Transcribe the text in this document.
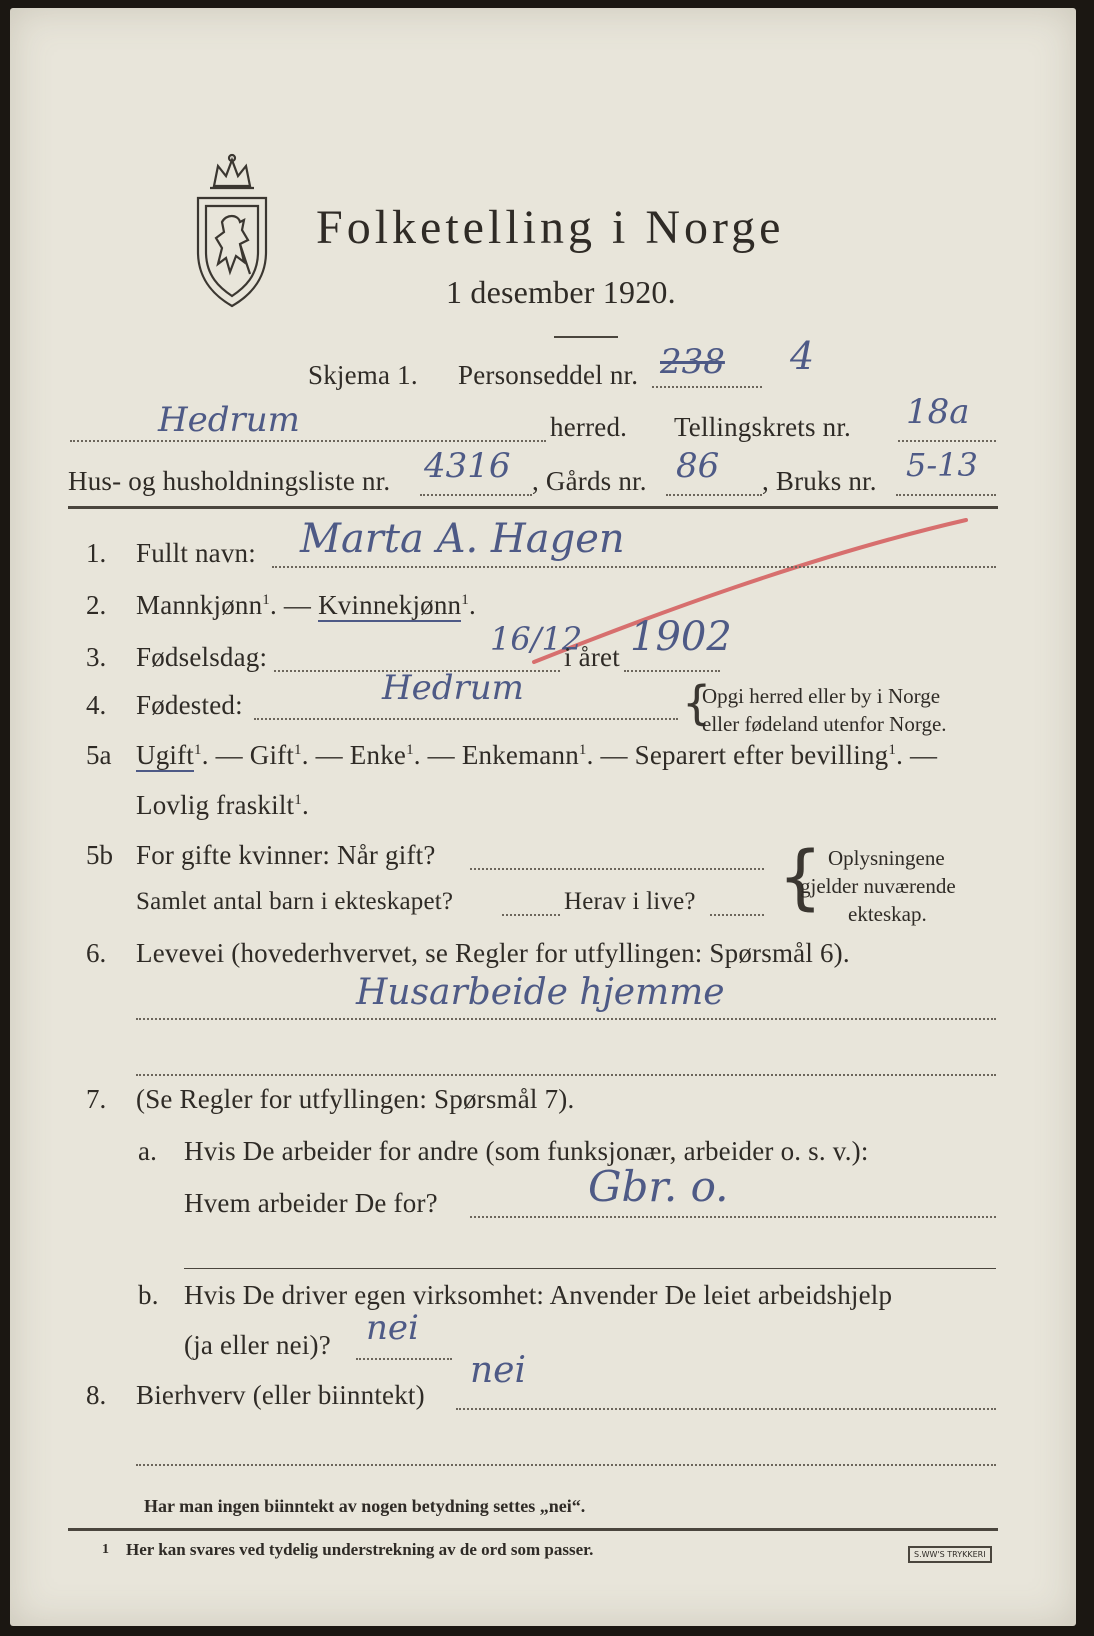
Folketelling i Norge
1 desember 1920.
Skjema 1. Personseddel nr. 238 4
Hedrum	herred. Tellingskrets nr. 18a
Hus- og husholdningsliste nr. 4316 , Gårds nr. 86 , Bruks nr. 5-13
1. Fullt navn: Marta A. Hagen
2. Mannkjønn$^1$. — Kvinnekjønn$^1$.
3. Fødselsdag:	16/12
i året 1902
4. Fødested:	Hedrum	{
Opgi herred eller by i Norge
eller fødeland utenfor Norge.
5a Ugift$^1$. — Gift$^1$. — Enke$^1$. — Enkemann$^1$. — Separert efter bevilling$^1$. —
Lovlig fraskilt$^1$.
5b For gifte kvinner: Når gift?
Samlet antal barn i ekteskapet?	Herav i live? { Oplysningene
gjelder nuværende
ekteskap.
6. Levevei (hovederhvervet, se Regler for utfyllingen: Spørsmål 6).
Husarbeide hjemme
7. (Se Regler for utfyllingen: Spørsmål 7).
a. Hvis De arbeider for andre (som funksjonær, arbeider o. s. v.):
Hvem arbeider De for?	Gbr. o.
b. Hvis De driver egen virksomhet: Anvender De leiet arbeidshjelp
(ja eller nei)? nei
8. Bierhverv (eller biinntekt)
nei
Har man ingen biinntekt av nogen betydning settes „nei“.
1 Her kan svares ved tydelig understrekning av de ord som passer.	S.WW'S TRYKKERI
